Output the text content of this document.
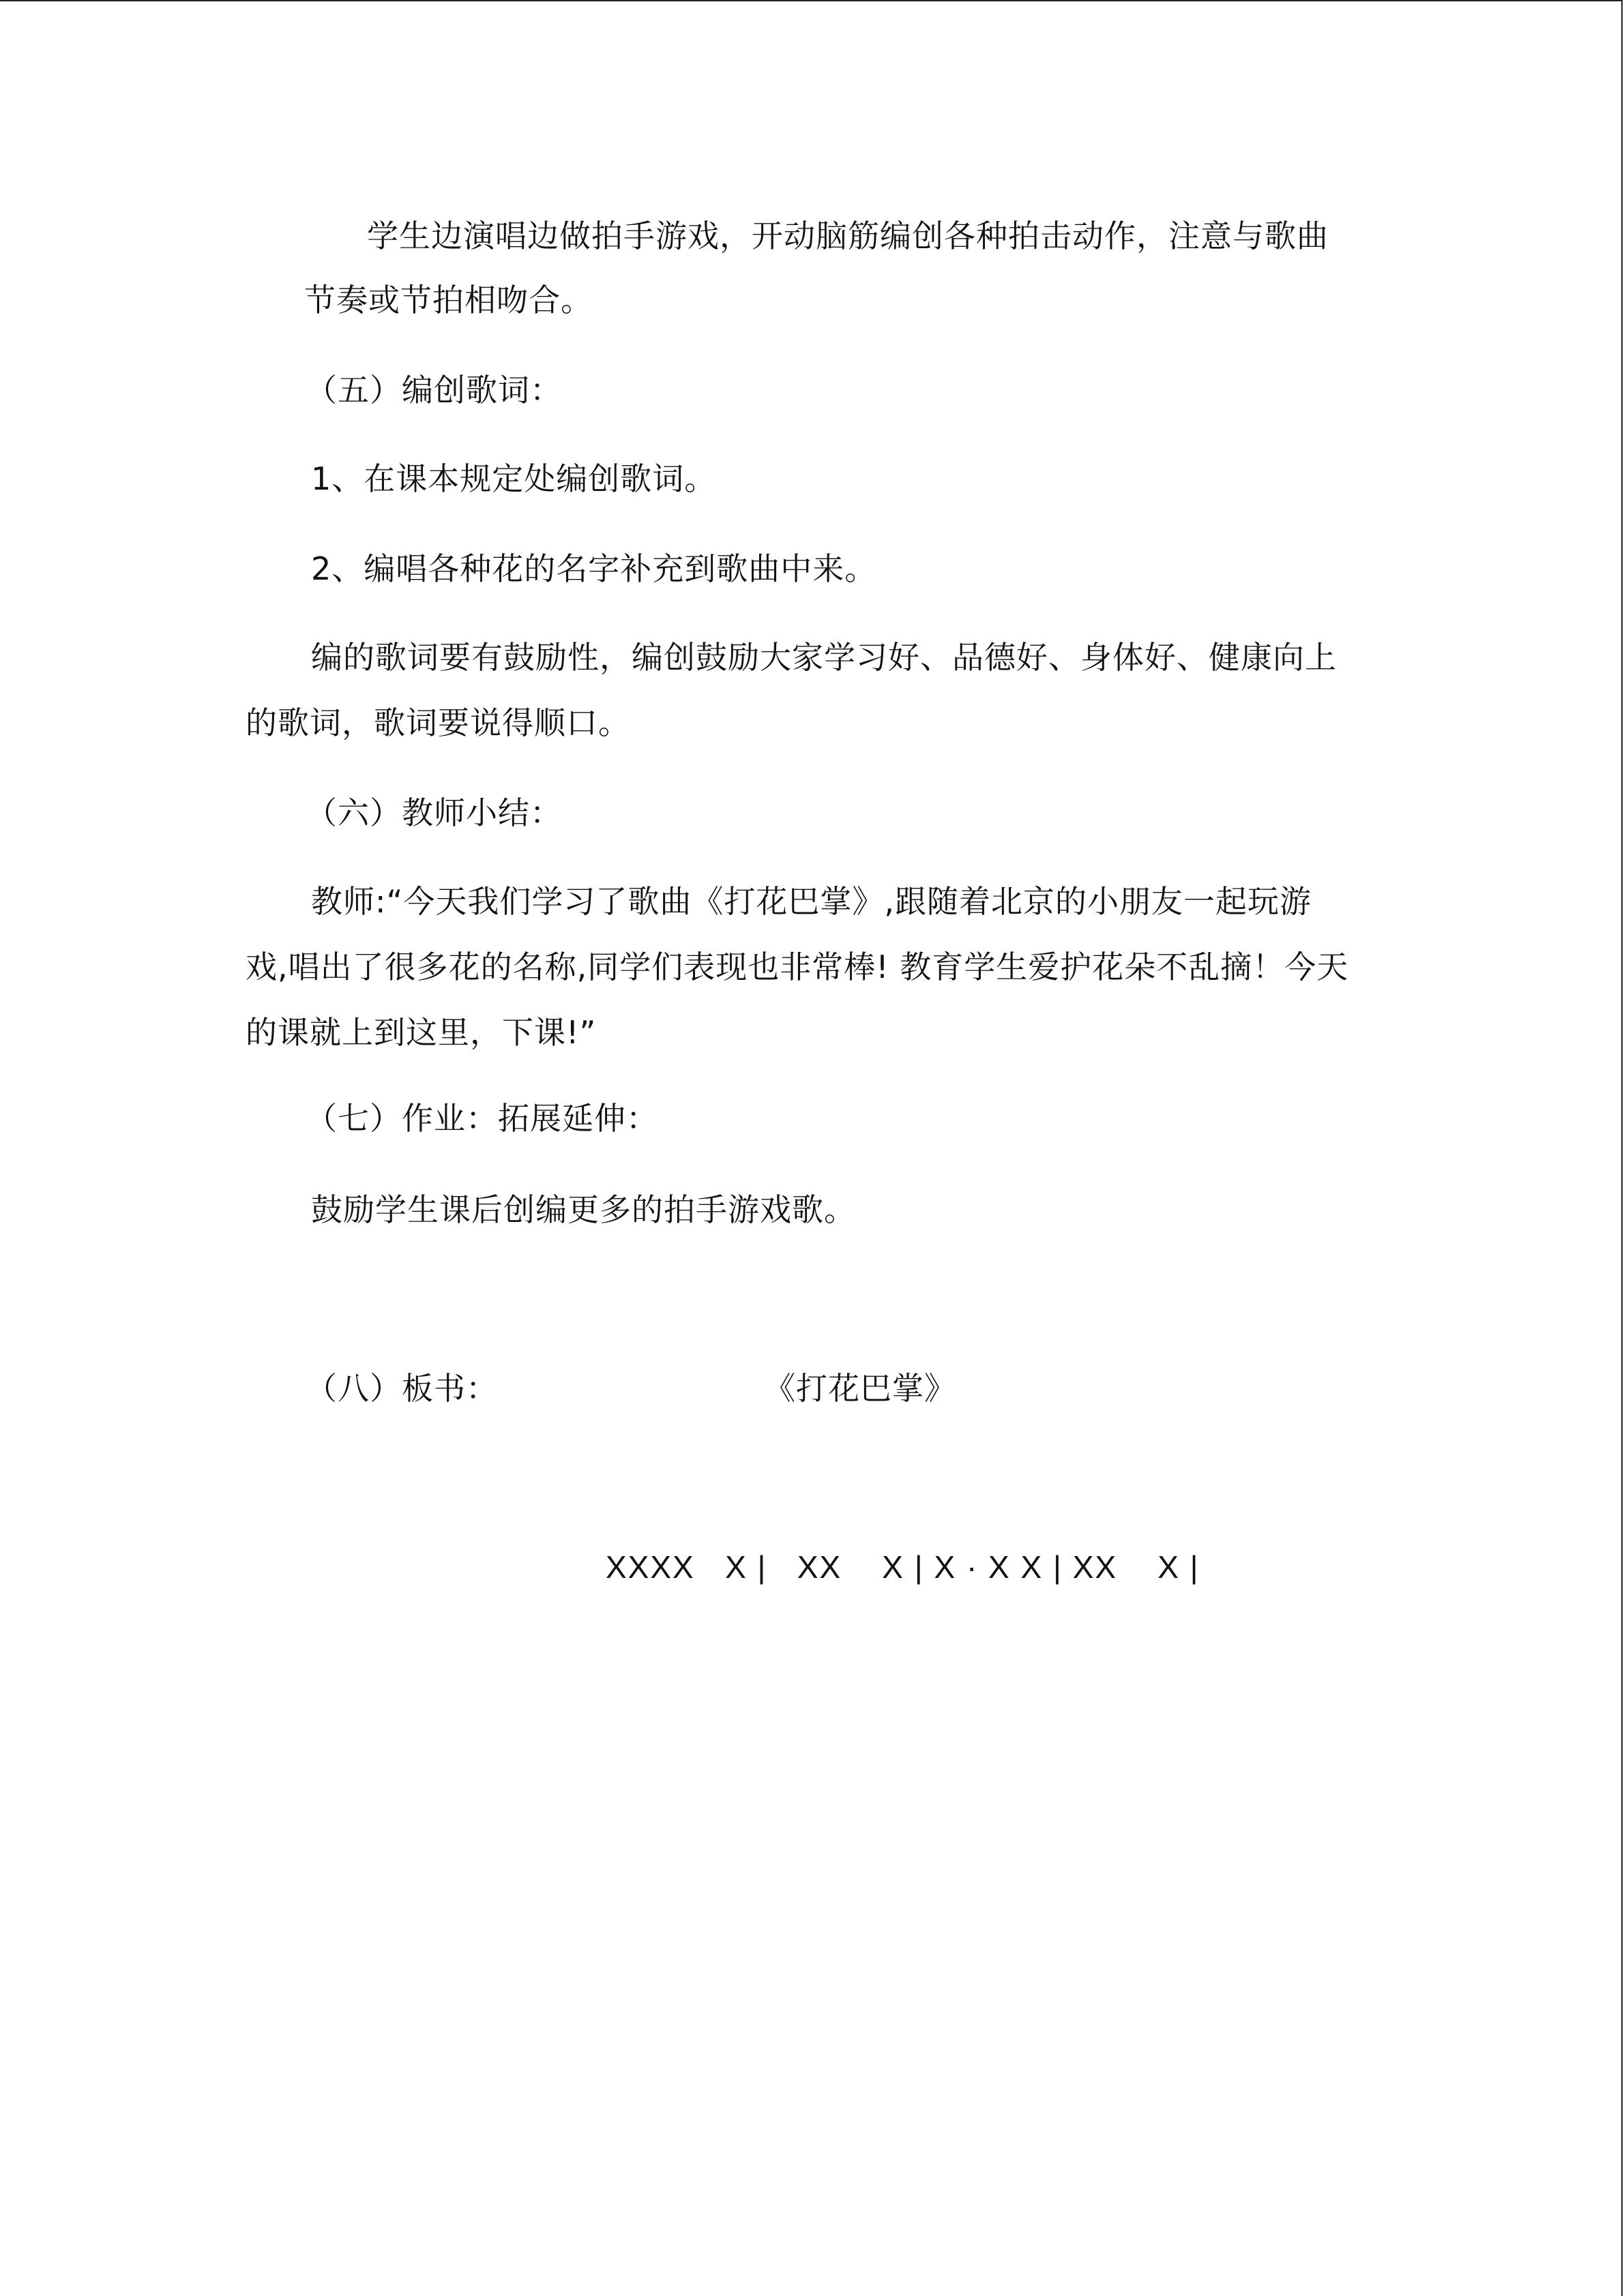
学生边演唱边做拍手游戏，开动脑筋编创各种拍击动作，注意与歌曲
节奏或节拍相吻合。
（五）编创歌词：
1、在课本规定处编创歌词。
2、编唱各种花的名字补充到歌曲中来。
编的歌词要有鼓励性，编创鼓励大家学习好、品德好、身体好、健康向上
的歌词，歌词要说得顺口。
（六）教师小结：
教师:“今天我们学习了歌曲《打花巴掌》,跟随着北京的小朋友一起玩游
戏,唱出了很多花的名称,同学们表现也非常棒! 教育学生爱护花朵不乱摘！今天
的课就上到这里，下课!”
（七）作业：拓展延伸：
鼓励学生课后创编更多的拍手游戏歌。
（八）板书：	《打花巴掌》
XXXX   X |   XX    X | X · X X | XX    X |
